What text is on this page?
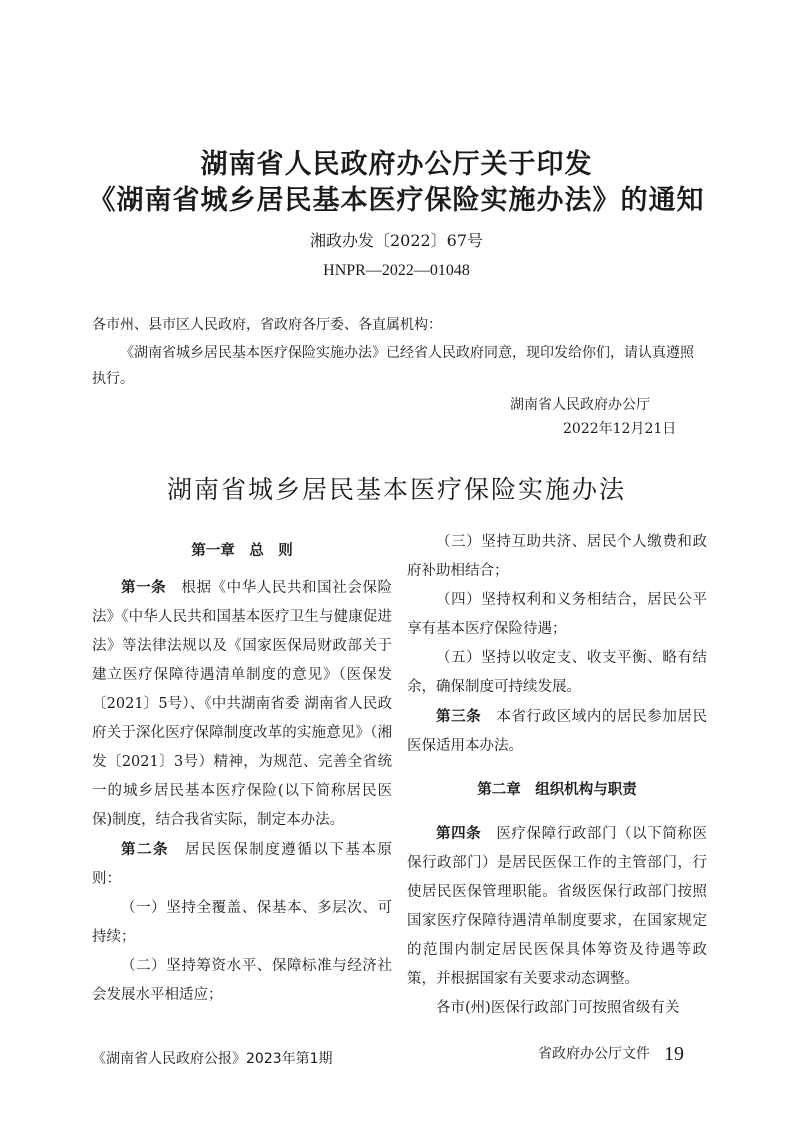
湖南省人民政府办公厅关于印发
《湖南省城乡居民基本医疗保险实施办法》的通知
湘政办发〔2022〕67号
HNPR—2022—01048
各市州、县市区人民政府，省政府各厅委、各直属机构：
《湖南省城乡居民基本医疗保险实施办法》已经省人民政府同意，现印发给你们，请认真遵照执行。
湖南省人民政府办公厅
2022年12月21日
湖南省城乡居民基本医疗保险实施办法
第一章　总　则

第一条　根据《中华人民共和国社会保险法》《中华人民共和国基本医疗卫生与健康促进法》等法律法规以及《国家医保局财政部关于建立医疗保障待遇清单制度的意见》（医保发〔2021〕5号）、《中共湖南省委 湖南省人民政府关于深化医疗保障制度改革的实施意见》（湘发〔2021〕3号）精神，为规范、完善全省统一的城乡居民基本医疗保险(以下简称居民医保)制度，结合我省实际，制定本办法。

第二条　居民医保制度遵循以下基本原则：

（一）坚持全覆盖、保基本、多层次、可持续；

（二）坚持筹资水平、保障标准与经济社会发展水平相适应；

（三）坚持互助共济、居民个人缴费和政府补助相结合；

（四）坚持权利和义务相结合，居民公平享有基本医疗保险待遇；

（五）坚持以收定支、收支平衡、略有结余，确保制度可持续发展。

第三条　本省行政区域内的居民参加居民医保适用本办法。

第二章　组织机构与职责

第四条　医疗保障行政部门（以下简称医保行政部门）是居民医保工作的主管部门，行使居民医保管理职能。省级医保行政部门按照国家医疗保障待遇清单制度要求，在国家规定的范围内制定居民医保具体筹资及待遇等政策，并根据国家有关要求动态调整。

各市(州)医保行政部门可按照省级有关

《湖南省人民政府公报》2023年第1期	省政府办公厅文件 19
